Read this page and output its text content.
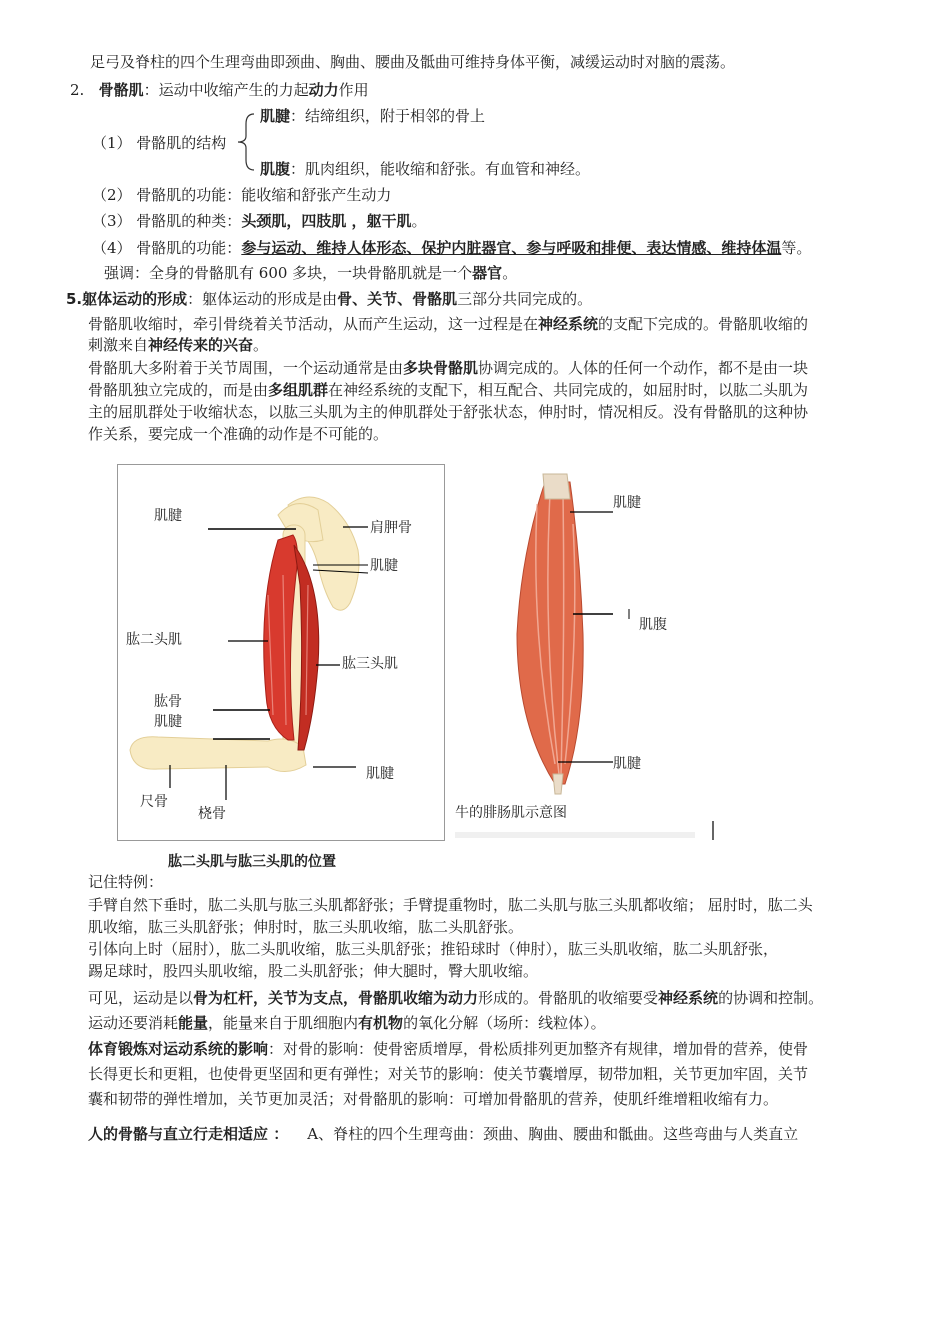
足弓及脊柱的四个生理弯曲即颈曲、胸曲、腰曲及骶曲可维持身体平衡，减缓运动时对脑的震荡。
2. 骨骼肌：运动中收缩产生的力起动力作用
（1） 骨骼肌的结构
肌腱：结缔组织，附于相邻的骨上
肌腹：肌肉组织，能收缩和舒张。有血管和神经。
（2） 骨骼肌的功能：能收缩和舒张产生动力
（3） 骨骼肌的种类：头颈肌，四肢肌 ，躯干肌。
（4） 骨骼肌的功能：参与运动、维持人体形态、保护内脏器官、参与呼吸和排便、表达情感、维持体温等。
强调：全身的骨骼肌有 600 多块，一块骨骼肌就是一个器官。
5.躯体运动的形成：躯体运动的形成是由骨、关节、骨骼肌三部分共同完成的。
骨骼肌收缩时，牵引骨绕着关节活动，从而产生运动，这一过程是在神经系统的支配下完成的。骨骼肌收缩的
刺激来自神经传来的兴奋。
骨骼肌大多附着于关节周围，一个运动通常是由多块骨骼肌协调完成的。人体的任何一个动作，都不是由一块
骨骼肌独立完成的，而是由多组肌群在神经系统的支配下，相互配合、共同完成的，如屈肘时，以肱二头肌为
主的屈肌群处于收缩状态，以肱三头肌为主的伸肌群处于舒张状态，伸肘时，情况相反。没有骨骼肌的这种协
作关系，要完成一个准确的动作是不可能的。
肌腱
肩胛骨
肌腱
肱二头肌
肱三头肌
肱骨
肌腱
肌腱
尺骨
桡骨
肱二头肌与肱三头肌的位置
肌腱
肌腹
肌腱
牛的腓肠肌示意图
记住特例：
手臂自然下垂时，肱二头肌与肱三头肌都舒张；手臂提重物时，肱二头肌与肱三头肌都收缩； 屈肘时，肱二头
肌收缩，肱三头肌舒张；伸肘时，肱三头肌收缩，肱二头肌舒张。
引体向上时（屈肘），肱二头肌收缩，肱三头肌舒张；推铅球时（伸肘），肱三头肌收缩，肱二头肌舒张，
踢足球时，股四头肌收缩，股二头肌舒张；伸大腿时，臀大肌收缩。
可见，运动是以骨为杠杆，关节为支点，骨骼肌收缩为动力形成的。骨骼肌的收缩要受神经系统的协调和控制。
运动还要消耗能量，能量来自于肌细胞内有机物的氧化分解（场所：线粒体）。
体育锻炼对运动系统的影响：对骨的影响：使骨密质增厚，骨松质排列更加整齐有规律，增加骨的营养，使骨
长得更长和更粗，也使骨更坚固和更有弹性；对关节的影响：使关节囊增厚，韧带加粗，关节更加牢固，关节
囊和韧带的弹性增加，关节更加灵活；对骨骼肌的影响：可增加骨骼肌的营养，使肌纤维增粗收缩有力。
人的骨骼与直立行走相适应 ：    A、脊柱的四个生理弯曲：颈曲、胸曲、腰曲和骶曲。这些弯曲与人类直立
